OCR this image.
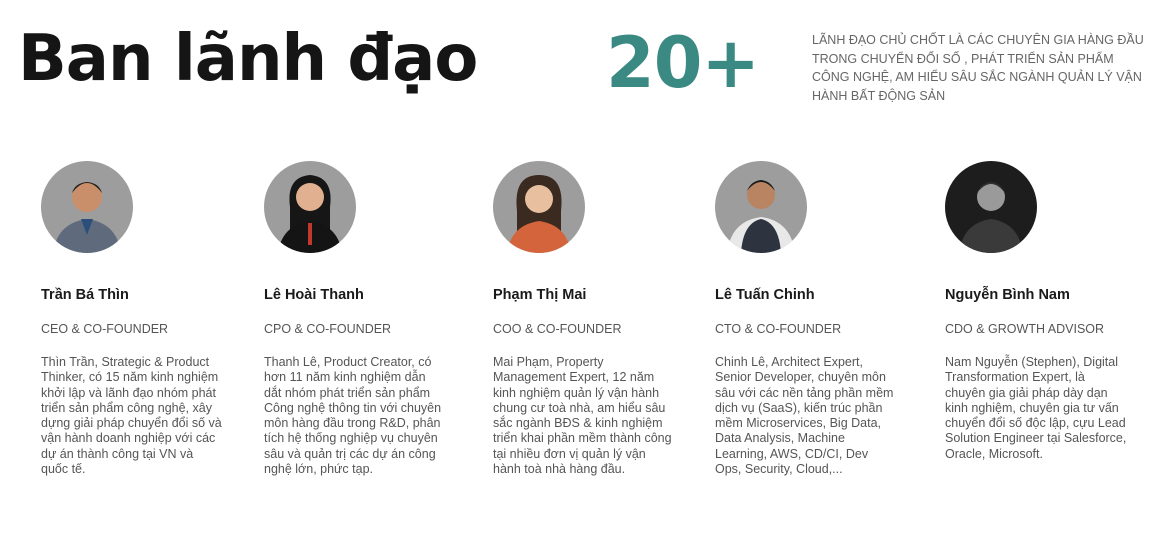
Ban lãnh đạo 20+	LÃNH ĐẠO CHỦ CHỐT LÀ CÁC CHUYÊN GIA HÀNG ĐẦU TRONG CHUYỂN ĐỔI SỐ , PHÁT TRIỂN SẢN PHẨM CÔNG NGHỆ, AM HIỂU SÂU SẮC NGÀNH QUẢN LÝ VẬN HÀNH BẤT ĐỘNG SẢN
Trần Bá Thìn
CEO & CO-FOUNDER
Thìn Trần, Strategic & Product Thinker, có 15 năm kinh nghiệm khởi lập và lãnh đạo nhóm phát triển sản phẩm công nghệ, xây dựng giải pháp chuyển đổi số và vận hành doanh nghiệp với các dự án thành công tại VN và quốc tế.
Lê Hoài Thanh
CPO & CO-FOUNDER
Thanh Lê, Product Creator, có hơn 11 năm kinh nghiệm dẫn dắt nhóm phát triển sản phẩm Công nghệ thông tin với chuyên môn hàng đầu trong R&D, phân tích hệ thống nghiệp vụ chuyên sâu và quản trị các dự án công nghệ lớn, phức tạp.
Phạm Thị Mai
COO & CO-FOUNDER
Mai Phạm, Property Management Expert, 12 năm kinh nghiệm quản lý vận hành chung cư toà nhà, am hiểu sâu sắc ngành BĐS & kinh nghiệm triển khai phần mềm thành công tại nhiều đơn vị quản lý vận hành toà nhà hàng đầu.
Lê Tuấn Chinh
CTO & CO-FOUNDER
Chinh Lê, Architect Expert, Senior Developer, chuyên môn sâu với các nền tảng phần mềm dịch vụ (SaaS), kiến trúc phần mềm Microservices, Big Data, Data Analysis, Machine Learning, AWS, CD/CI, Dev Ops, Security, Cloud,...
Nguyễn Bình Nam
CDO & GROWTH ADVISOR
Nam Nguyễn (Stephen), Digital Transformation Expert, là chuyên gia giải pháp dày dạn kinh nghiệm, chuyên gia tư vấn chuyển đổi số độc lập, cựu Lead Solution Engineer tại Salesforce, Oracle, Microsoft.
